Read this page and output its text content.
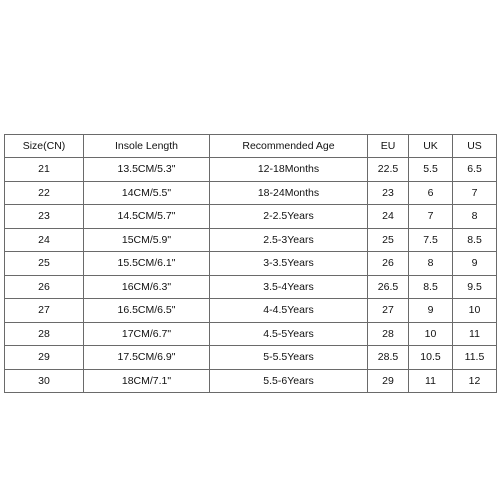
Size(CN)	Insole Length	Recommended Age	EU	UK	US
21	13.5CM/5.3"	12-18Months	22.5	5.5	6.5
22	14CM/5.5"	18-24Months	23	6	7
23	14.5CM/5.7"	2-2.5Years	24	7	8
24	15CM/5.9"	2.5-3Years	25	7.5	8.5
25	15.5CM/6.1"	3-3.5Years	26	8	9
26	16CM/6.3"	3.5-4Years	26.5	8.5	9.5
27	16.5CM/6.5"	4-4.5Years	27	9	10
28	17CM/6.7"	4.5-5Years	28	10	11
29	17.5CM/6.9"	5-5.5Years	28.5	10.5	11.5
30	18CM/7.1"	5.5-6Years	29	11	12
